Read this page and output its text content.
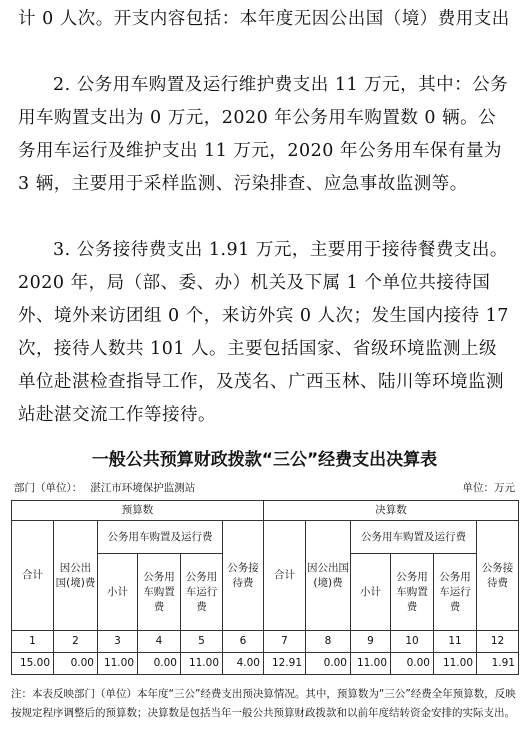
计 0 人次。开支内容包括：本年度无因公出国（境）费用支出

2. 公务用车购置及运行维护费支出 11 万元，其中：公务用车购置支出为 0 万元，2020 年公务用车购置数 0 辆。公务用车运行及维护支出 11 万元，2020 年公务用车保有量为 3 辆，主要用于采样监测、污染排查、应急事故监测等。

3. 公务接待费支出 1.91 万元，主要用于接待餐费支出。2020 年，局（部、委、办）机关及下属 1 个单位共接待国外、境外来访团组 0 个，来访外宾 0 人次；发生国内接待 17 次，接待人数共 101 人。主要包括国家、省级环境监测上级单位赴湛检查指导工作，及茂名、广西玉林、陆川等环境监测站赴湛交流工作等接待。

一般公共预算财政拨款“三公”经费支出决算表
部门（单位）： 湛江市环境保护监测站	单位：万元
预算数						决算数					
合计	因公出国(境)费	公务用车购置及运行费			公务接待费	合计	因公出国(境)费	公务用车购置及运行费			公务接待费
		小计	公务用车购置费	公务用车运行费				小计	公务用车购置费	公务用车运行费	
1	2	3	4	5	6	7	8	9	10	11	12
15.00	0.00	11.00	0.00	11.00	4.00	12.91	0.00	11.00	0.00	11.00	1.91

注：本表反映部门（单位）本年度“三公”经费支出预决算情况。其中，预算数为“三公”经费全年预算数，反映按规定程序调整后的预算数；决算数是包括当年一般公共预算财政拨款和以前年度结转资金安排的实际支出。
